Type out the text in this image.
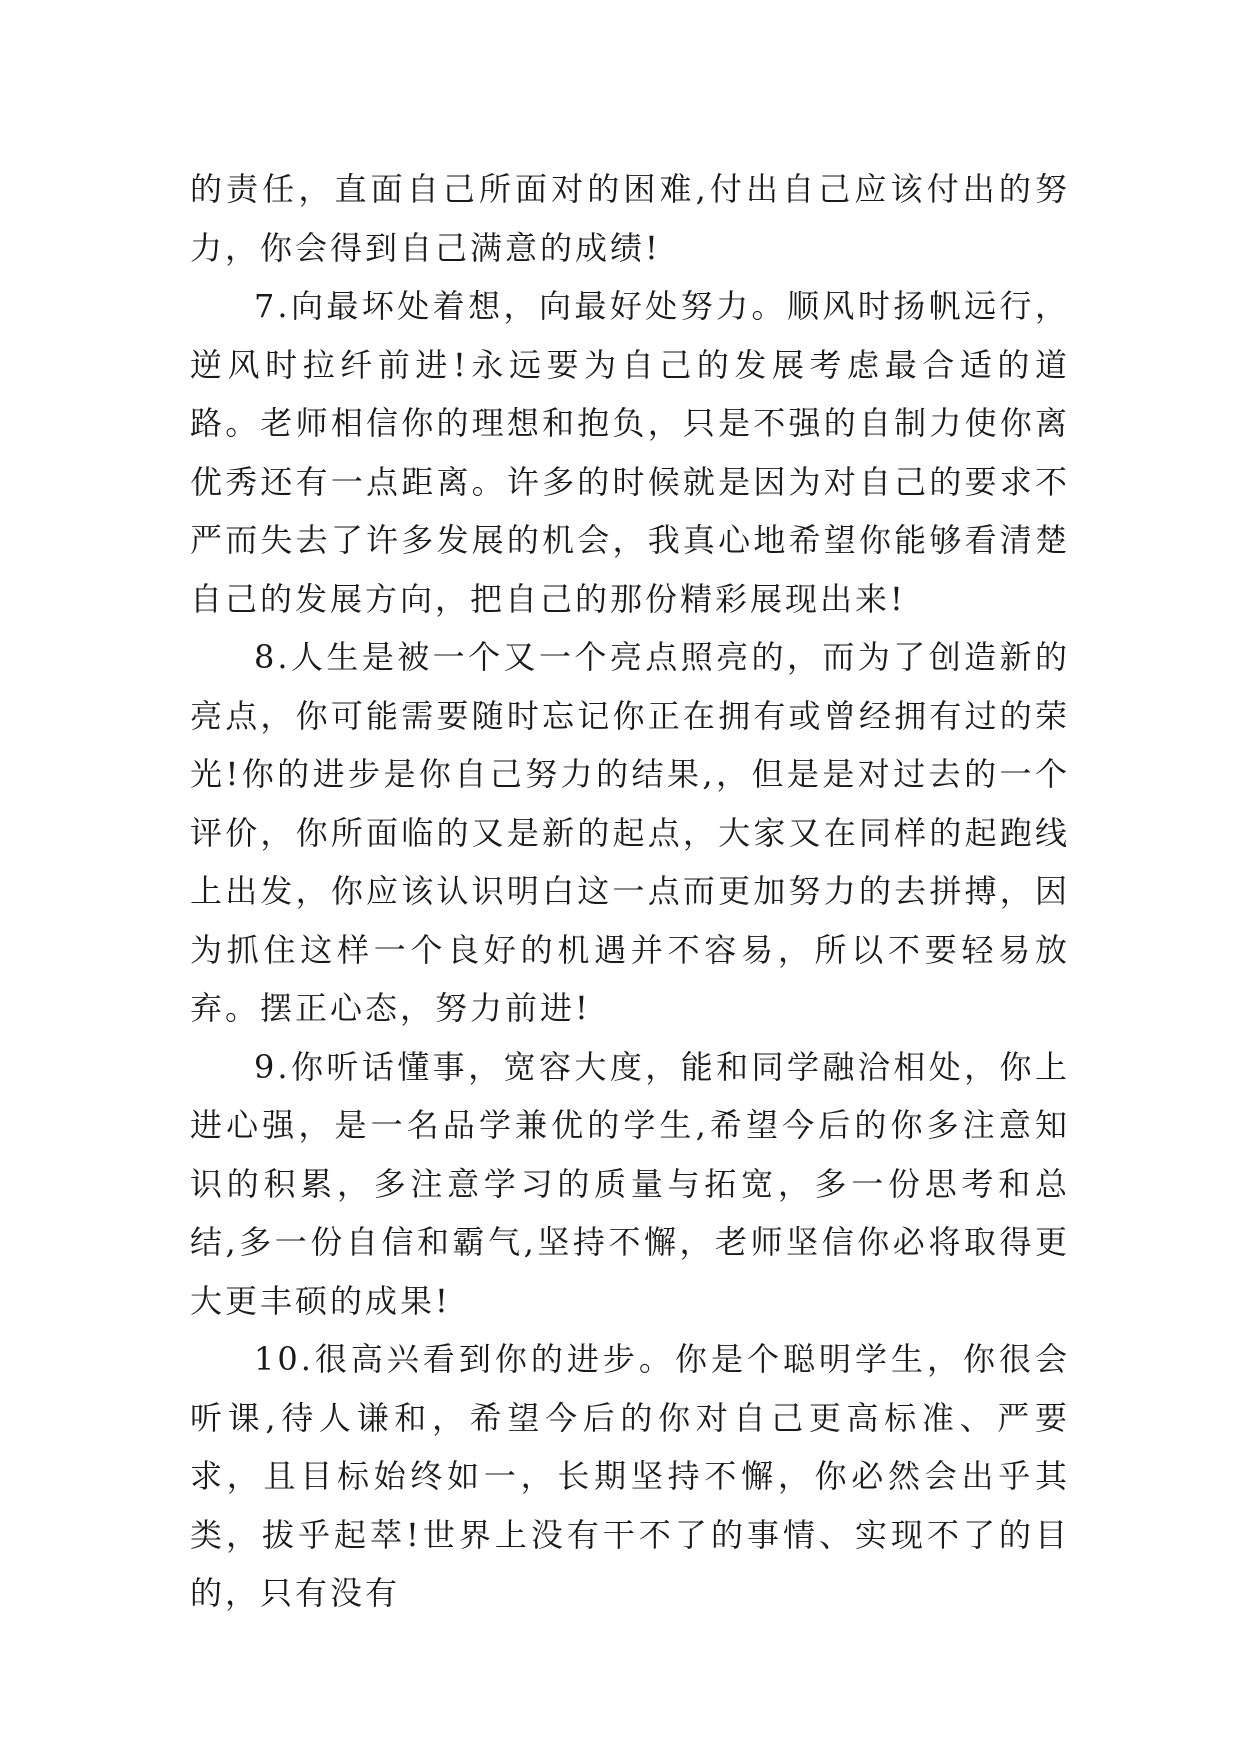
的责任，直面自己所面对的困难,付出自己应该付出的努力，你会得到自己满意的成绩!

7.向最坏处着想，向最好处努力。顺风时扬帆远行，逆风时拉纤前进!永远要为自己的发展考虑最合适的道路。老师相信你的理想和抱负，只是不强的自制力使你离优秀还有一点距离。许多的时候就是因为对自己的要求不严而失去了许多发展的机会，我真心地希望你能够看清楚自己的发展方向，把自己的那份精彩展现出来!

8.人生是被一个又一个亮点照亮的，而为了创造新的亮点，你可能需要随时忘记你正在拥有或曾经拥有过的荣光!你的进步是你自己努力的结果,，但是是对过去的一个评价，你所面临的又是新的起点，大家又在同样的起跑线上出发，你应该认识明白这一点而更加努力的去拼搏，因为抓住这样一个良好的机遇并不容易，所以不要轻易放弃。摆正心态，努力前进!

9.你听话懂事，宽容大度，能和同学融洽相处，你上进心强，是一名品学兼优的学生,希望今后的你多注意知识的积累，多注意学习的质量与拓宽，多一份思考和总结,多一份自信和霸气,坚持不懈，老师坚信你必将取得更大更丰硕的成果!

10.很高兴看到你的进步。你是个聪明学生，你很会听课,待人谦和，希望今后的你对自己更高标准、严要求，且目标始终如一，长期坚持不懈，你必然会出乎其类，拔乎起萃!世界上没有干不了的事情、实现不了的目的，只有没有
